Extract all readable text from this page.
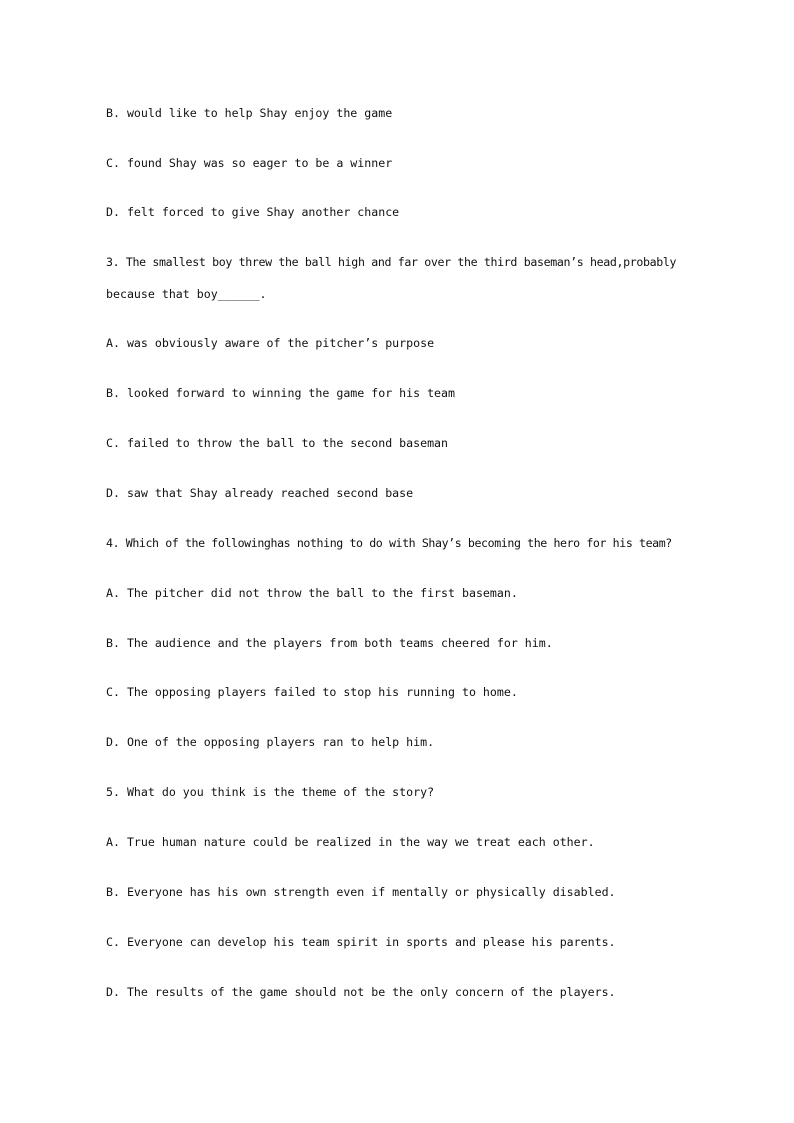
B. would like to help Shay enjoy the game
C. found Shay was so eager to be a winner
D. felt forced to give Shay another chance
3. The smallest boy threw the ball high and far over the third baseman’s head,probably
because that boy______.
A. was obviously aware of the pitcher’s purpose
B. looked forward to winning the game for his team
C. failed to throw the ball to the second baseman
D. saw that Shay already reached second base
4. Which of the followinghas nothing to do with Shay’s becoming the hero for his team?
A. The pitcher did not throw the ball to the first baseman.
B. The audience and the players from both teams cheered for him.
C. The opposing players failed to stop his running to home.
D. One of the opposing players ran to help him.
5. What do you think is the theme of the story?
A. True human nature could be realized in the way we treat each other.
B. Everyone has his own strength even if mentally or physically disabled.
C. Everyone can develop his team spirit in sports and please his parents.
D. The results of the game should not be the only concern of the players.
